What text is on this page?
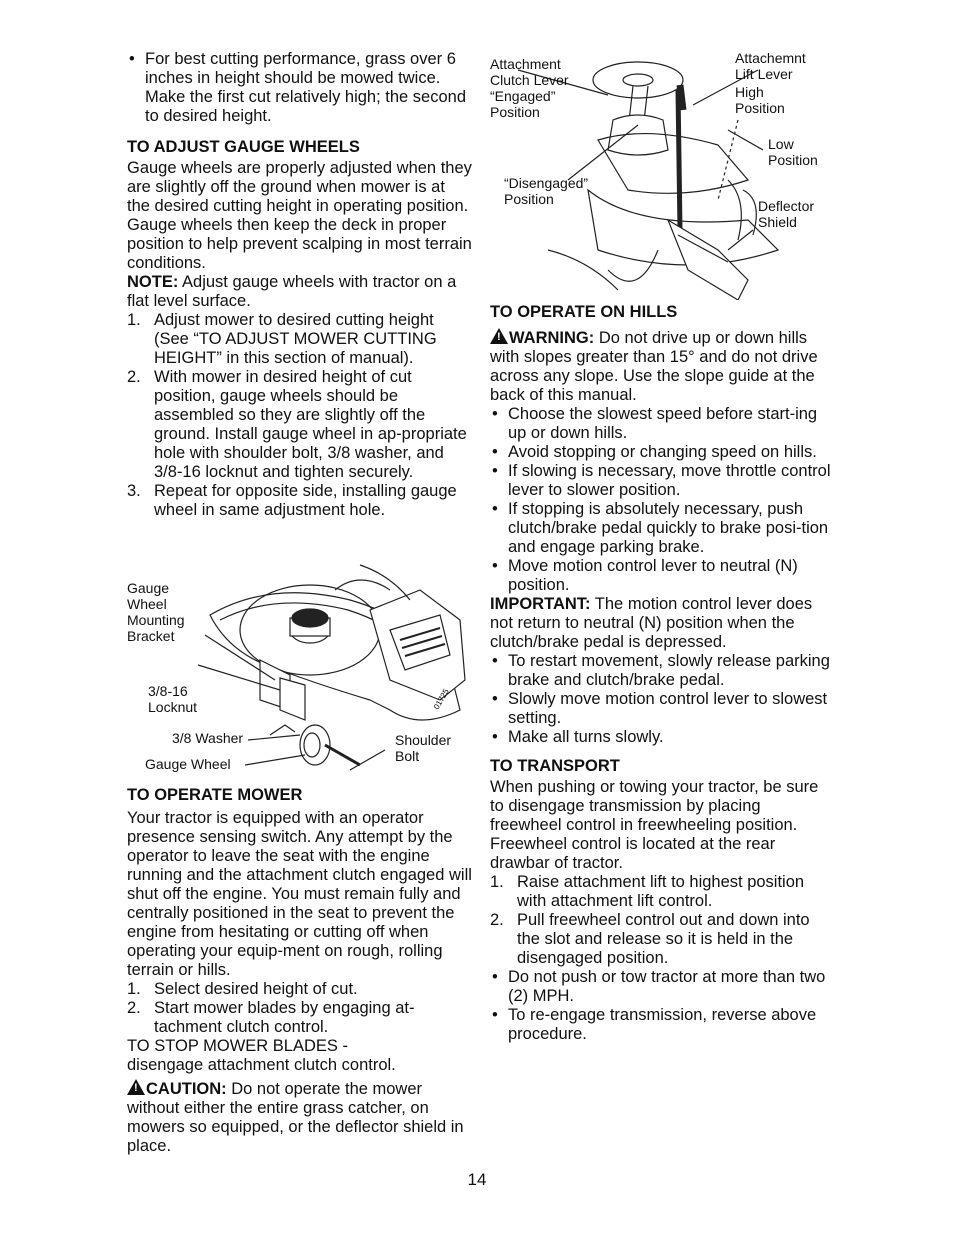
• For best cutting performance, grass over 6 inches in height should be mowed twice. Make the first cut relatively high; the second to desired height.

TO ADJUST GAUGE WHEELS

Gauge wheels are properly adjusted when they are slightly off the ground when mower is at the desired cutting height in operating position. Gauge wheels then keep the deck in proper position to help prevent scalping in most terrain conditions.

NOTE: Adjust gauge wheels with tractor on a flat level surface.

1. Adjust mower to desired cutting height (See “TO ADJUST MOWER CUTTING HEIGHT” in this section of manual).

2. With mower in desired height of cut position, gauge wheels should be assembled so they are slightly off the ground. Install gauge wheel in ap-propriate hole with shoulder bolt, 3/8 washer, and 3/8-16 locknut and tighten securely.

3. Repeat for opposite side, installing gauge wheel in same adjustment hole.

01725
Gauge
Wheel
Mounting
Bracket
3/8-16
Locknut
3/8 Washer
Gauge Wheel
Shoulder
Bolt

TO OPERATE MOWER

Your tractor is equipped with an operator presence sensing switch. Any attempt by the operator to leave the seat with the engine running and the attachment clutch engaged will shut off the engine. You must remain fully and centrally positioned in the seat to prevent the engine from hesitating or cutting off when operating your equip-ment on rough, rolling terrain or hills.

1. Select desired height of cut.

2. Start mower blades by engaging at-tachment clutch control.

TO STOP MOWER BLADES -

disengage attachment clutch control.

! CAUTION: Do not operate the mower without either the entire grass catcher, on mowers so equipped, or the deflector shield in place.

Attachment
Clutch Lever
“Engaged”
Position
Attachemnt
Lift Lever
High
Position
Low
Position
“Disengaged”
Position	Deflector
Shield

TO OPERATE ON HILLS

! WARNING: Do not drive up or down hills with slopes greater than 15° and do not drive across any slope. Use the slope guide at the back of this manual.

• Choose the slowest speed before start-ing up or down hills.

• Avoid stopping or changing speed on hills.

• If slowing is necessary, move throttle control lever to slower position.

• If stopping is absolutely necessary, push clutch/brake pedal quickly to brake posi-tion and engage parking brake.

• Move motion control lever to neutral (N) position.

IMPORTANT: The motion control lever does not return to neutral (N) position when the clutch/brake pedal is depressed.

• To restart movement, slowly release parking brake and clutch/brake pedal.

• Slowly move motion control lever to slowest setting.

• Make all turns slowly.

TO TRANSPORT

When pushing or towing your tractor, be sure to disengage transmission by placing freewheel control in freewheeling position. Freewheel control is located at the rear drawbar of tractor.

1. Raise attachment lift to highest position with attachment lift control.

2. Pull freewheel control out and down into the slot and release so it is held in the disengaged position.

• Do not push or tow tractor at more than two (2) MPH.

• To re-engage transmission, reverse above procedure.

14
